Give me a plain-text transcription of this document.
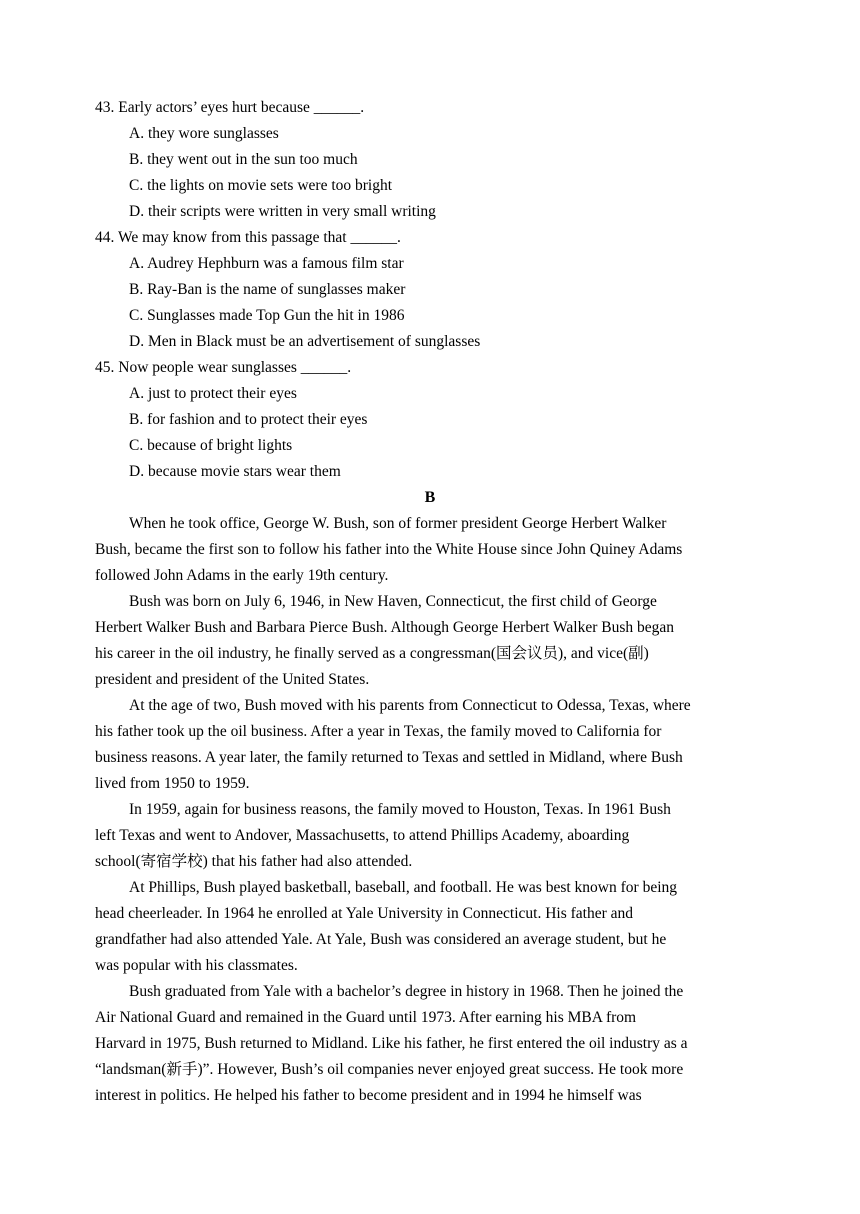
43. Early actors’ eyes hurt because ______.

A. they wore sunglasses

B. they went out in the sun too much

C. the lights on movie sets were too bright

D. their scripts were written in very small writing

44. We may know from this passage that ______.

A. Audrey Hephburn was a famous film star

B. Ray-Ban is the name of sunglasses maker

C. Sunglasses made Top Gun the hit in 1986

D. Men in Black must be an advertisement of sunglasses

45. Now people wear sunglasses ______.

A. just to protect their eyes

B. for fashion and to protect their eyes

C. because of bright lights

D. because movie stars wear them

B

When he took office, George W. Bush, son of former president George Herbert Walker
Bush, became the first son to follow his father into the White House since John Quiney Adams
followed John Adams in the early 19th century.

Bush was born on July 6, 1946, in New Haven, Connecticut, the first child of George
Herbert Walker Bush and Barbara Pierce Bush. Although George Herbert Walker Bush began
his career in the oil industry, he finally served as a congressman(国会议员), and vice(副)
president and president of the United States.

At the age of two, Bush moved with his parents from Connecticut to Odessa, Texas, where
his father took up the oil business. After a year in Texas, the family moved to California for
business reasons. A year later, the family returned to Texas and settled in Midland, where Bush
lived from 1950 to 1959.

In 1959, again for business reasons, the family moved to Houston, Texas. In 1961 Bush
left Texas and went to Andover, Massachusetts, to attend Phillips Academy, aboarding
school(寄宿学校) that his father had also attended.

At Phillips, Bush played basketball, baseball, and football. He was best known for being
head cheerleader. In 1964 he enrolled at Yale University in Connecticut. His father and
grandfather had also attended Yale. At Yale, Bush was considered an average student, but he
was popular with his classmates.

Bush graduated from Yale with a bachelor’s degree in history in 1968. Then he joined the
Air National Guard and remained in the Guard until 1973. After earning his MBA from
Harvard in 1975, Bush returned to Midland. Like his father, he first entered the oil industry as a
“landsman(新手)”. However, Bush’s oil companies never enjoyed great success. He took more
interest in politics. He helped his father to become president and in 1994 he himself was
